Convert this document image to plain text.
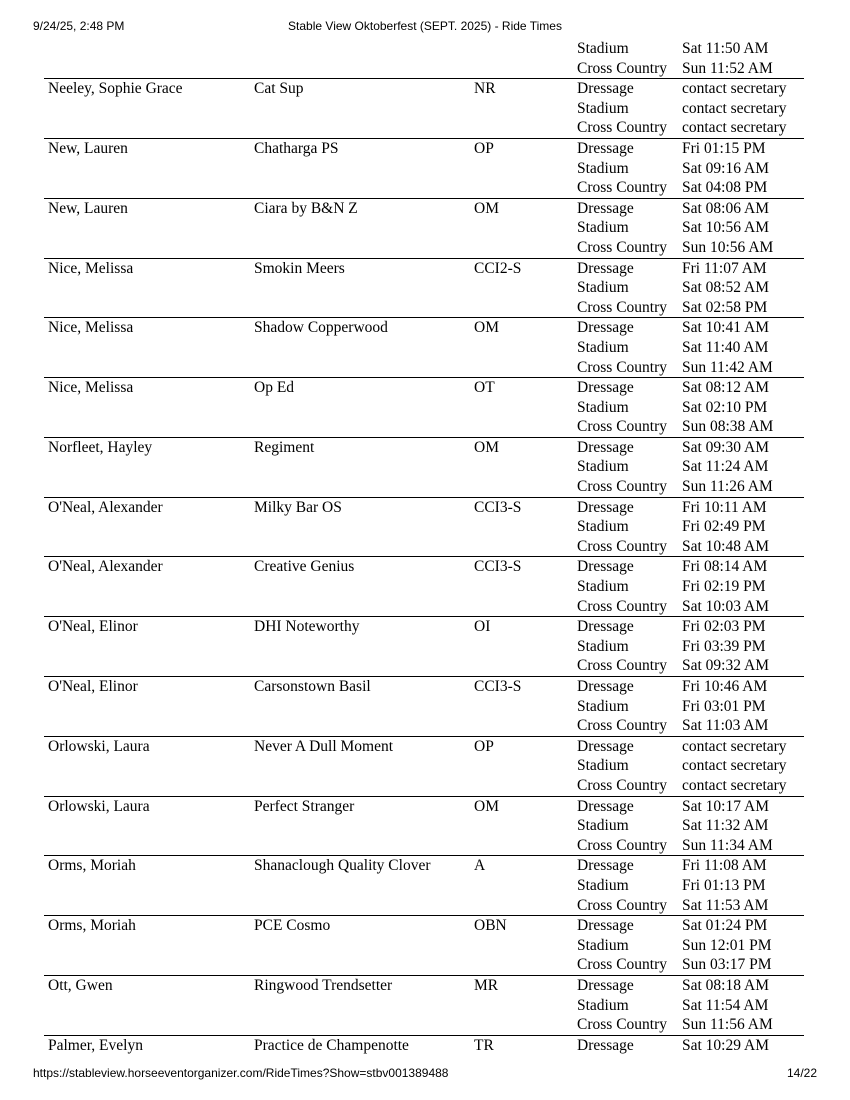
9/24/25, 2:48 PM	Stable View Oktoberfest (SEPT. 2025) - Ride Times
Stadium	Sat 11:50 AM
Cross Country Sun 11:52 AM
Neeley, Sophie Grace	Cat Sup	NR	Dressage	contact secretary
Stadium	contact secretary
Cross Country contact secretary
New, Lauren	Chatharga PS	OP	Dressage	Fri 01:15 PM
Stadium	Sat 09:16 AM
Cross Country Sat 04:08 PM
New, Lauren	Ciara by B&N Z	OM	Dressage	Sat 08:06 AM
Stadium	Sat 10:56 AM
Cross Country Sun 10:56 AM
Nice, Melissa	Smokin Meers	CCI2-S	Dressage	Fri 11:07 AM
Stadium	Sat 08:52 AM
Cross Country Sat 02:58 PM
Nice, Melissa	Shadow Copperwood	OM	Dressage	Sat 10:41 AM
Stadium	Sat 11:40 AM
Cross Country Sun 11:42 AM
Nice, Melissa	Op Ed	OT	Dressage	Sat 08:12 AM
Stadium	Sat 02:10 PM
Cross Country Sun 08:38 AM
Norfleet, Hayley	Regiment	OM	Dressage	Sat 09:30 AM
Stadium	Sat 11:24 AM
Cross Country Sun 11:26 AM
O'Neal, Alexander	Milky Bar OS	CCI3-S	Dressage	Fri 10:11 AM
Stadium	Fri 02:49 PM
Cross Country Sat 10:48 AM
O'Neal, Alexander	Creative Genius	CCI3-S	Dressage	Fri 08:14 AM
Stadium	Fri 02:19 PM
Cross Country Sat 10:03 AM
O'Neal, Elinor	DHI Noteworthy	OI	Dressage	Fri 02:03 PM
Stadium	Fri 03:39 PM
Cross Country Sat 09:32 AM
O'Neal, Elinor	Carsonstown Basil	CCI3-S	Dressage	Fri 10:46 AM
Stadium	Fri 03:01 PM
Cross Country Sat 11:03 AM
Orlowski, Laura	Never A Dull Moment	OP	Dressage	contact secretary
Stadium	contact secretary
Cross Country contact secretary
Orlowski, Laura	Perfect Stranger	OM	Dressage	Sat 10:17 AM
Stadium	Sat 11:32 AM
Cross Country Sun 11:34 AM
Orms, Moriah	Shanaclough Quality Clover	A	Dressage	Fri 11:08 AM
Stadium	Fri 01:13 PM
Cross Country Sat 11:53 AM
Orms, Moriah	PCE Cosmo	OBN	Dressage	Sat 01:24 PM
Stadium	Sun 12:01 PM
Cross Country Sun 03:17 PM
Ott, Gwen	Ringwood Trendsetter	MR	Dressage	Sat 08:18 AM
Stadium	Sat 11:54 AM
Cross Country Sun 11:56 AM
Palmer, Evelyn	Practice de Champenotte	TR	Dressage	Sat 10:29 AM
https://stableview.horseeventorganizer.com/RideTimes?Show=stbv001389488	14/22
